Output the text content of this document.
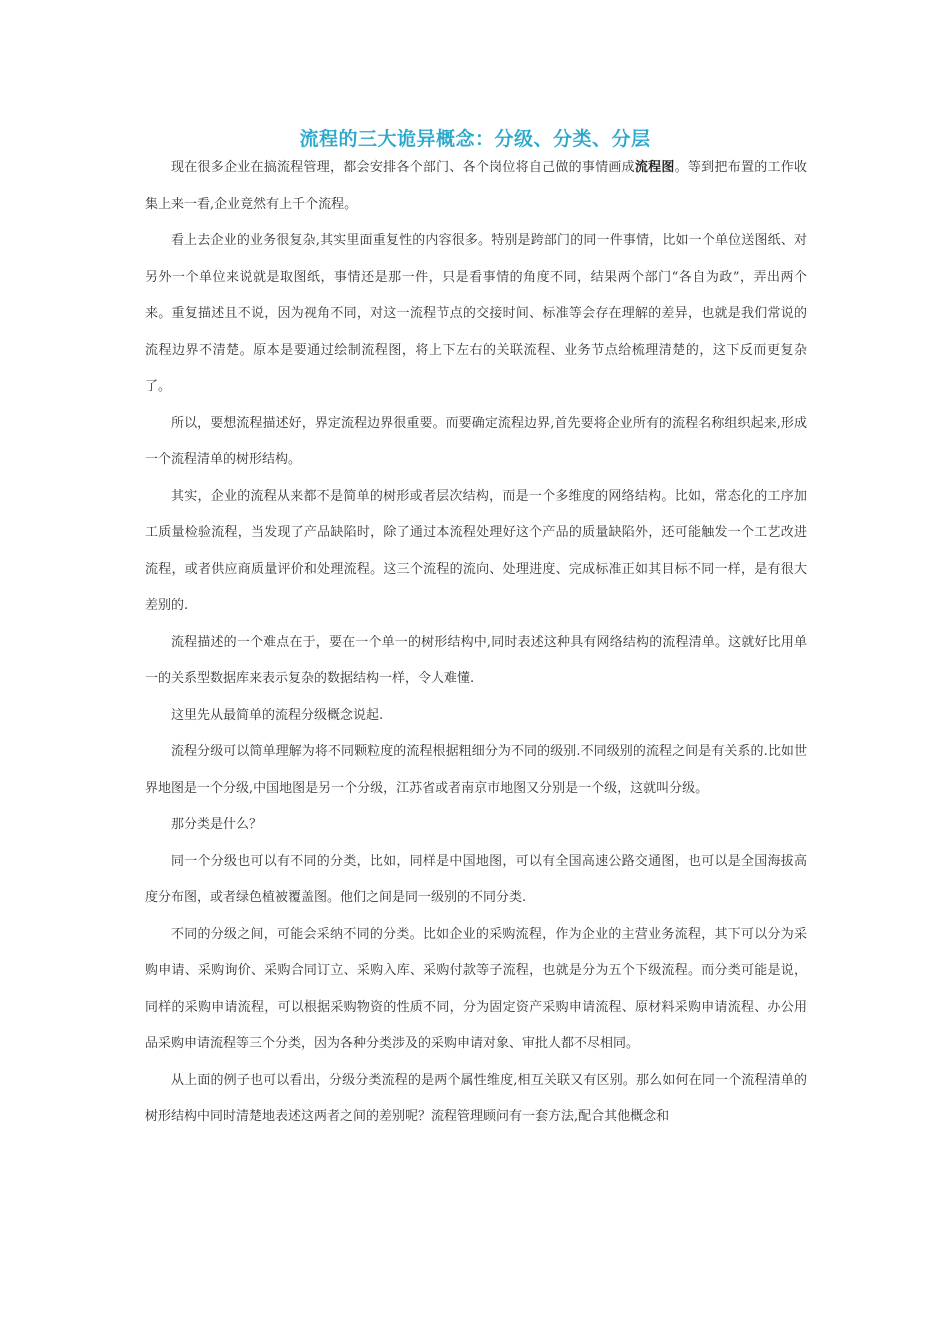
流程的三大诡异概念：分级、分类、分层

现在很多企业在搞流程管理，都会安排各个部门、各个岗位将自己做的事情画成流程图。等到把布置的工作收集上来一看,企业竟然有上千个流程。

看上去企业的业务很复杂,其实里面重复性的内容很多。特别是跨部门的同一件事情，比如一个单位送图纸、对另外一个单位来说就是取图纸，事情还是那一件，只是看事情的角度不同，结果两个部门“各自为政”，弄出两个来。重复描述且不说，因为视角不同，对这一流程节点的交接时间、标准等会存在理解的差异，也就是我们常说的流程边界不清楚。原本是要通过绘制流程图，将上下左右的关联流程、业务节点给梳理清楚的，这下反而更复杂了。

所以，要想流程描述好，界定流程边界很重要。而要确定流程边界,首先要将企业所有的流程名称组织起来,形成一个流程清单的树形结构。

其实，企业的流程从来都不是简单的树形或者层次结构，而是一个多维度的网络结构。比如，常态化的工序加工质量检验流程，当发现了产品缺陷时，除了通过本流程处理好这个产品的质量缺陷外，还可能触发一个工艺改进流程，或者供应商质量评价和处理流程。这三个流程的流向、处理进度、完成标准正如其目标不同一样，是有很大差别的.

流程描述的一个难点在于，要在一个单一的树形结构中,同时表述这种具有网络结构的流程清单。这就好比用单一的关系型数据库来表示复杂的数据结构一样，令人难懂.

这里先从最简单的流程分级概念说起.

流程分级可以简单理解为将不同颗粒度的流程根据粗细分为不同的级别.不同级别的流程之间是有关系的.比如世界地图是一个分级,中国地图是另一个分级，江苏省或者南京市地图又分别是一个级，这就叫分级。

那分类是什么？

同一个分级也可以有不同的分类，比如，同样是中国地图，可以有全国高速公路交通图，也可以是全国海拔高度分布图，或者绿色植被覆盖图。他们之间是同一级别的不同分类.

不同的分级之间，可能会采纳不同的分类。比如企业的采购流程，作为企业的主营业务流程，其下可以分为采购申请、采购询价、采购合同订立、采购入库、采购付款等子流程，也就是分为五个下级流程。而分类可能是说，同样的采购申请流程，可以根据采购物资的性质不同，分为固定资产采购申请流程、原材料采购申请流程、办公用品采购申请流程等三个分类，因为各种分类涉及的采购申请对象、审批人都不尽相同。

从上面的例子也可以看出，分级分类流程的是两个属性维度,相互关联又有区别。那么如何在同一个流程清单的树形结构中同时清楚地表述这两者之间的差别呢？流程管理顾问有一套方法,配合其他概念和
